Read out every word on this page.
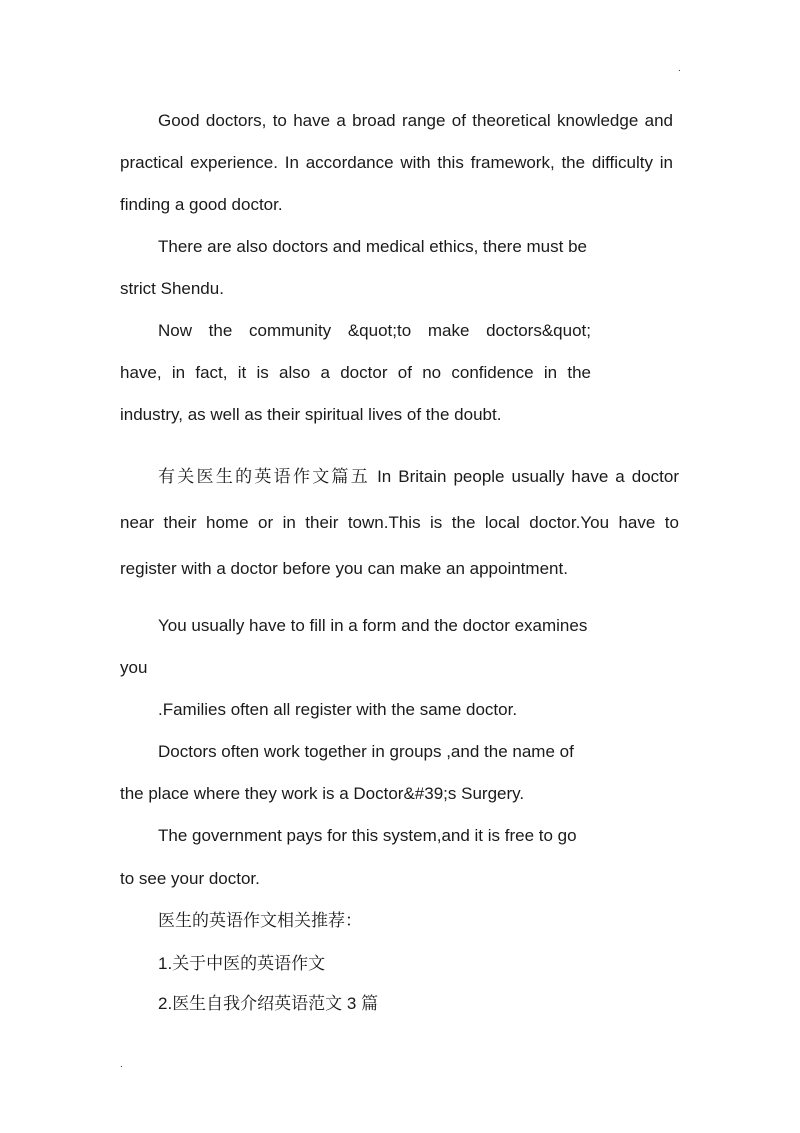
.
Good doctors, to have a broad range of theoretical knowledge and
practical experience. In accordance with this framework, the difficulty in
finding a good doctor.
There are also doctors and medical ethics, there must be
strict Shendu.
Now the community &quot;to make doctors&quot;
have, in fact, it is also a doctor of no confidence in the
industry, as well as their spiritual lives of the doubt.
有关医生的英语作文篇五 In Britain people usually have a doctor
near their home or in their town.This is the local doctor.You have to
register with a doctor before you can make an appointment.
You usually have to fill in a form and the doctor examines
you
.Families often all register with the same doctor.
Doctors often work together in groups ,and the name of
the place where they work is a Doctor&#39;s Surgery.
The government pays for this system,and it is free to go
to see your doctor.
医生的英语作文相关推荐：
1.关于中医的英语作文
2.医生自我介绍英语范文 3 篇
.
